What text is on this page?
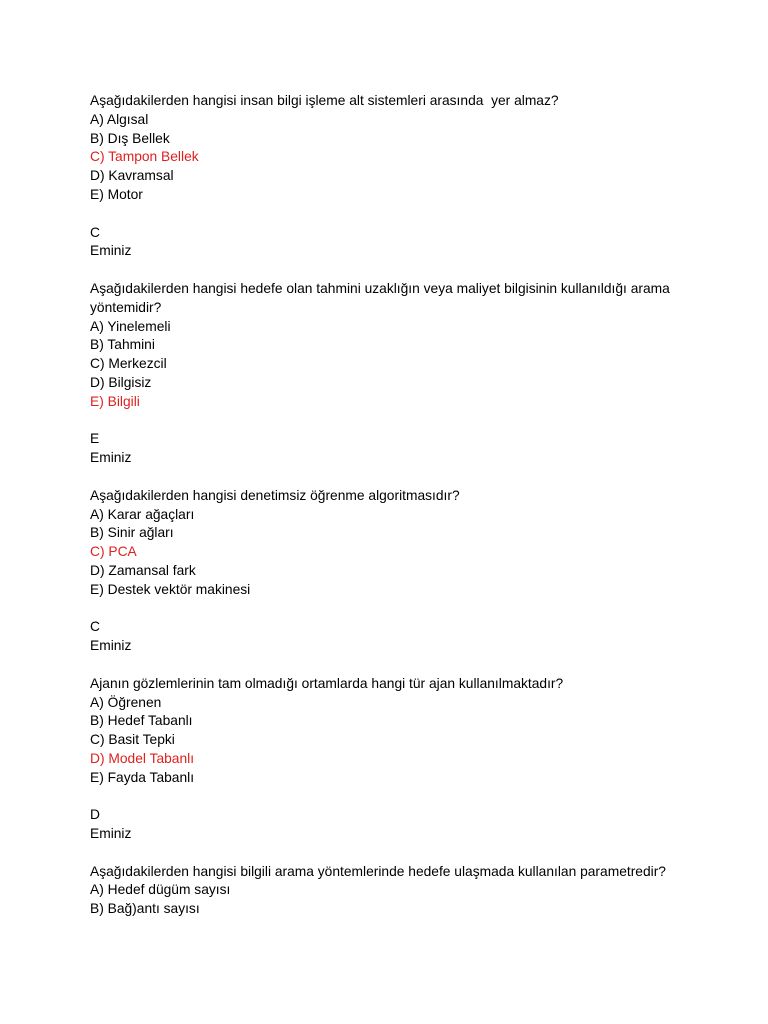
Aşağıdakilerden hangisi insan bilgi işleme alt sistemleri arasında  yer almaz?

A) Algısal

B) Dış Bellek

C) Tampon Bellek

D) Kavramsal

E) Motor

C

Eminiz

Aşağıdakilerden hangisi hedefe olan tahmini uzaklığın veya maliyet bilgisinin kullanıldığı arama yöntemidir?

A) Yinelemeli

B) Tahmini

C) Merkezcil

D) Bilgisiz

E) Bilgili

E

Eminiz

Aşağıdakilerden hangisi denetimsiz öğrenme algoritmasıdır?

A) Karar ağaçları

B) Sinir ağları

C) PCA

D) Zamansal fark

E) Destek vektör makinesi

C

Eminiz

Ajanın gözlemlerinin tam olmadığı ortamlarda hangi tür ajan kullanılmaktadır?

A) Öğrenen

B) Hedef Tabanlı

C) Basit Tepki

D) Model Tabanlı

E) Fayda Tabanlı

D

Eminiz

Aşağıdakilerden hangisi bilgili arama yöntemlerinde hedefe ulaşmada kullanılan parametredir?

A) Hedef dügüm sayısı

B) Bağ)antı sayısı
